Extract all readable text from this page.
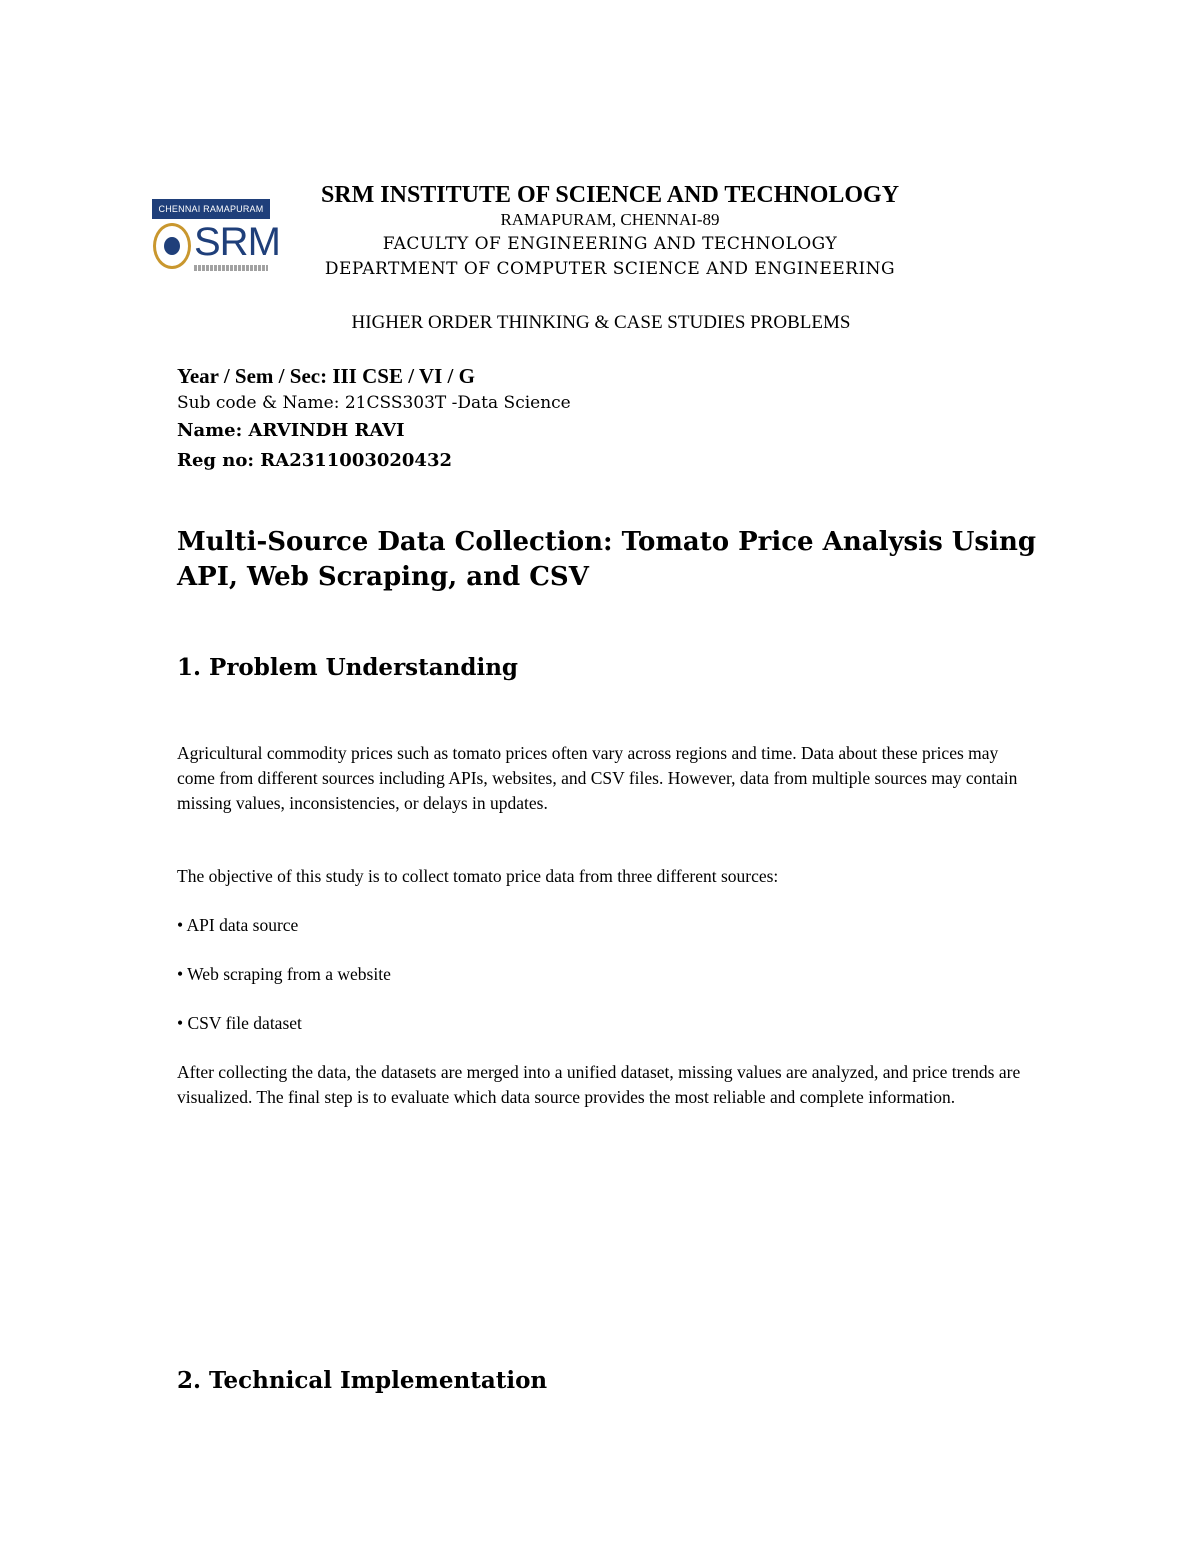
CHENNAI RAMAPURAM
SRM
SRM INSTITUTE OF SCIENCE AND TECHNOLOGY
RAMAPURAM, CHENNAI-89
FACULTY OF ENGINEERING AND TECHNOLOGY
DEPARTMENT OF COMPUTER SCIENCE AND ENGINEERING
HIGHER ORDER THINKING & CASE STUDIES PROBLEMS
Year / Sem / Sec: III CSE / VI / G
Sub code & Name: 21CSS303T -Data Science
Name: ARVINDH RAVI
Reg no: RA2311003020432
Multi-Source Data Collection: Tomato Price Analysis Using API, Web Scraping, and CSV
1. Problem Understanding

Agricultural commodity prices such as tomato prices often vary across regions and time. Data about these prices may come from different sources including APIs, websites, and CSV files. However, data from multiple sources may contain missing values, inconsistencies, or delays in updates.

The objective of this study is to collect tomato price data from three different sources:

• API data source
• Web scraping from a website
• CSV file dataset

After collecting the data, the datasets are merged into a unified dataset, missing values are analyzed, and price trends are visualized. The final step is to evaluate which data source provides the most reliable and complete information.

2. Technical Implementation
